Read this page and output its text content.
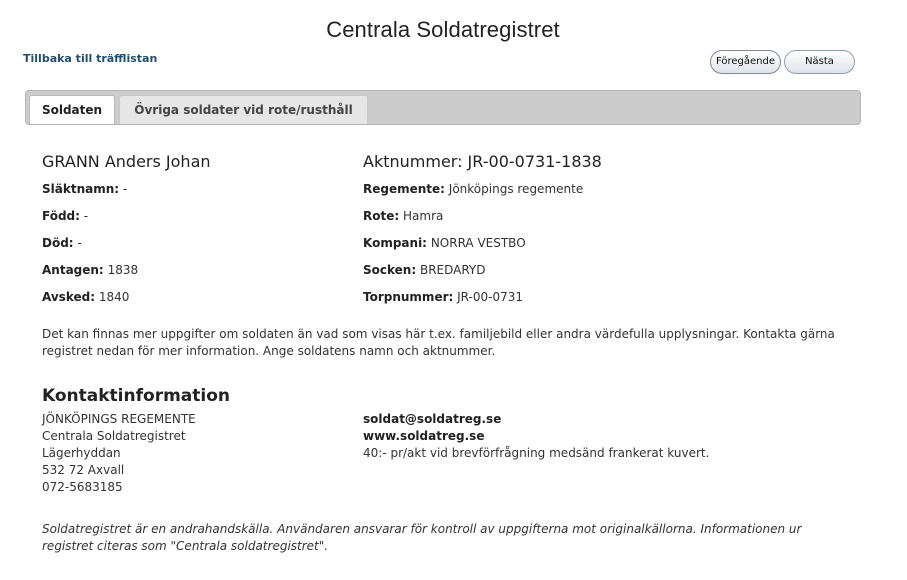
Centrala Soldatregistret
Tillbaka till träfflistan	Föregående	Nästa
Soldaten	Övriga soldater vid rote/rusthåll
GRANN Anders Johan	Aktnummer: JR-00-0731-1838
Släktnamn: -
Född: -
Död: -
Antagen: 1838
Avsked: 1840
Regemente: Jönköpings regemente
Rote: Hamra
Kompani: NORRA VESTBO
Socken: BREDARYD
Torpnummer: JR-00-0731
Det kan finnas mer uppgifter om soldaten än vad som visas här t.ex. familjebild eller andra värdefulla upplysningar. Kontakta gärna registret nedan för mer information. Ange soldatens namn och aktnummer.
Kontaktinformation
JÖNKÖPINGS REGEMENTE
Centrala Soldatregistret
Lägerhyddan
532 72 Axvall
072-5683185
soldat@soldatreg.se
www.soldatreg.se
40:- pr/akt vid brevförfrågning medsänd frankerat kuvert.
Soldatregistret är en andrahandskälla. Användaren ansvarar för kontroll av uppgifterna mot originalkällorna. Informationen ur registret citeras som "Centrala soldatregistret".
